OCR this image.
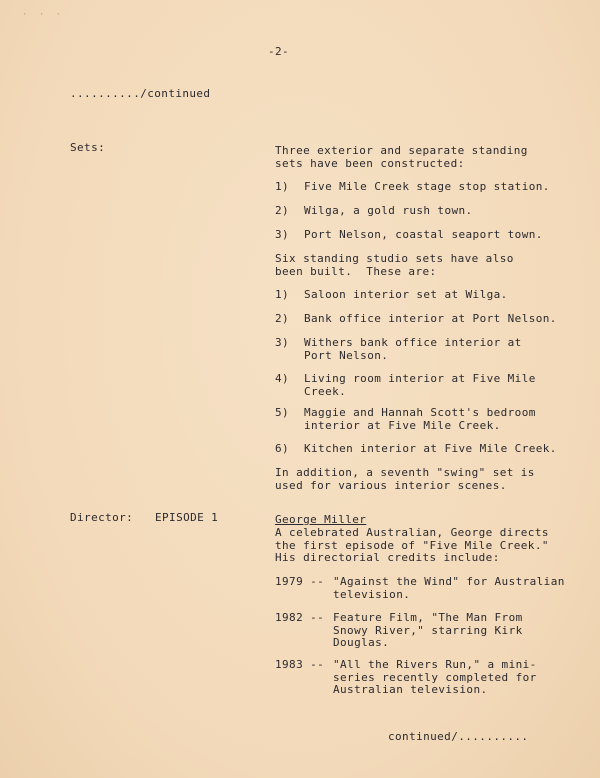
· · ·
-2-
........../continued
Sets:	Three exterior and separate standing
sets have been constructed:
1) Five Mile Creek stage stop station.
2) Wilga, a gold rush town.
3) Port Nelson, coastal seaport town.
Six standing studio sets have also
been built.  These are:
1) Saloon interior set at Wilga.
2) Bank office interior at Port Nelson.
3) Withers bank office interior at
Port Nelson.
4) Living room interior at Five Mile
Creek.
5) Maggie and Hannah Scott's bedroom
interior at Five Mile Creek.
6) Kitchen interior at Five Mile Creek.
In addition, a seventh "swing" set is
used for various interior scenes.
Director: EPISODE 1	George Miller
A celebrated Australian, George directs
the first episode of "Five Mile Creek."
His directorial credits include:
1979 -- "Against the Wind" for Australian
television.
1982 -- Feature Film, "The Man From
Snowy River," starring Kirk
Douglas.
1983 -- "All the Rivers Run," a mini-
series recently completed for
Australian television.
continued/..........
